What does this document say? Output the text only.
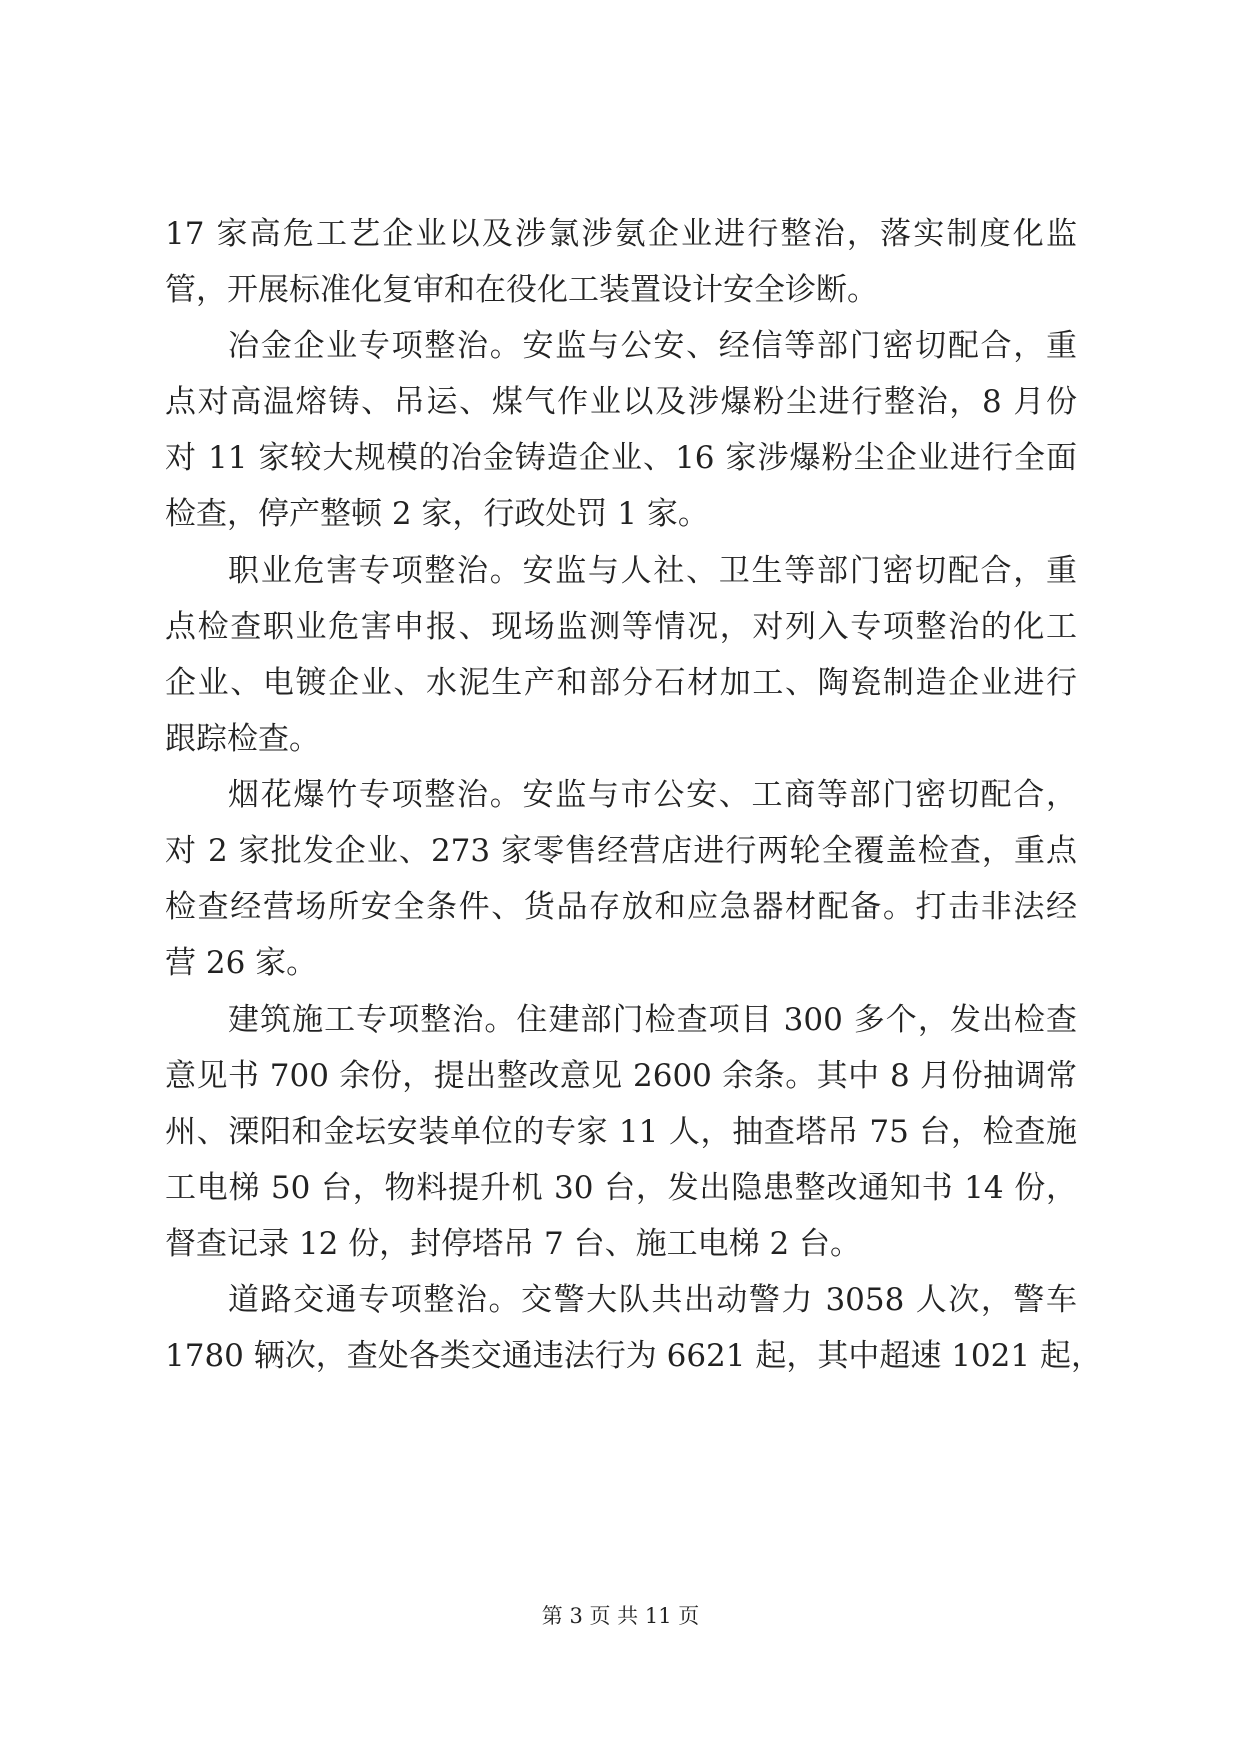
17 家高危工艺企业以及涉氯涉氨企业进行整治，落实制度化监
管，开展标准化复审和在役化工装置设计安全诊断。
冶金企业专项整治。安监与公安、经信等部门密切配合，重
点对高温熔铸、吊运、煤气作业以及涉爆粉尘进行整治，8 月份
对 11 家较大规模的冶金铸造企业、16 家涉爆粉尘企业进行全面
检查，停产整顿 2 家，行政处罚 1 家。
职业危害专项整治。安监与人社、卫生等部门密切配合，重
点检查职业危害申报、现场监测等情况，对列入专项整治的化工
企业、电镀企业、水泥生产和部分石材加工、陶瓷制造企业进行
跟踪检查。
烟花爆竹专项整治。安监与市公安、工商等部门密切配合，
对 2 家批发企业、273 家零售经营店进行两轮全覆盖检查，重点
检查经营场所安全条件、货品存放和应急器材配备。打击非法经
营 26 家。
建筑施工专项整治。住建部门检查项目 300 多个，发出检查
意见书 700 余份，提出整改意见 2600 余条。其中 8 月份抽调常
州、溧阳和金坛安装单位的专家 11 人，抽查塔吊 75 台，检查施
工电梯 50 台，物料提升机 30 台，发出隐患整改通知书 14 份，
督查记录 12 份，封停塔吊 7 台、施工电梯 2 台。
道路交通专项整治。交警大队共出动警力 3058 人次，警车
1780 辆次，查处各类交通违法行为 6621 起，其中超速 1021 起，
第 3 页 共 11 页
